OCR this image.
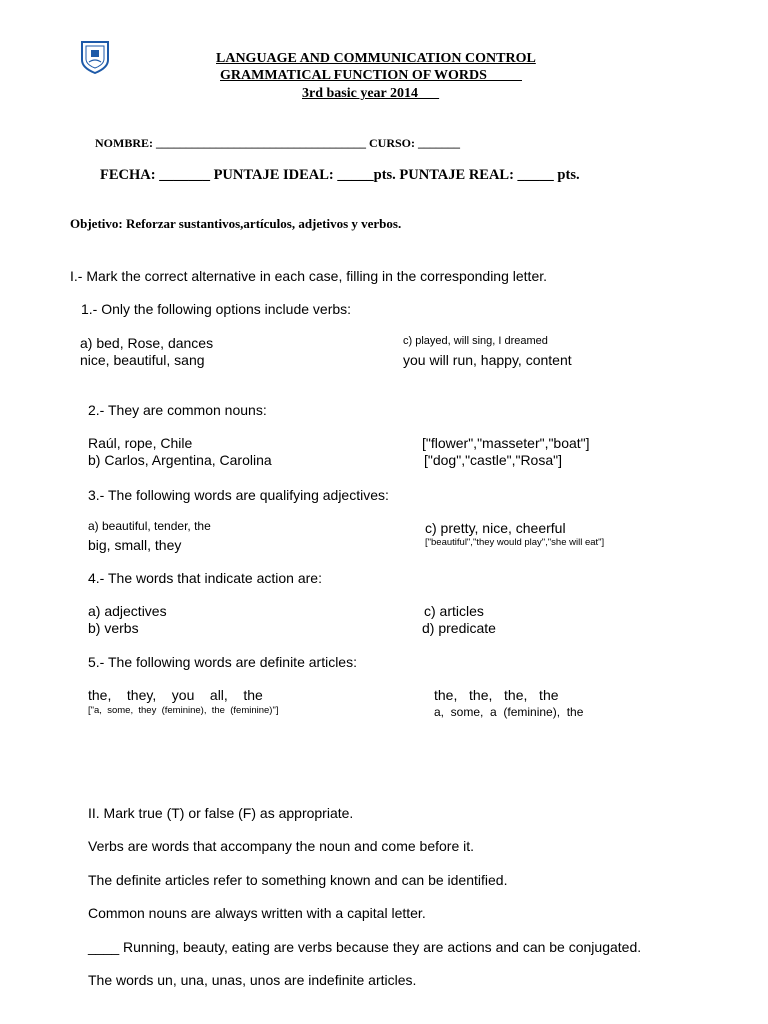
LANGUAGE AND COMMUNICATION CONTROL
GRAMMATICAL FUNCTION OF WORDS_____
3rd basic year 2014___
NOMBRE: ___________________________________ CURSO: _______
FECHA: _______ PUNTAJE IDEAL: _____pts. PUNTAJE REAL: _____ pts.
Objetivo: Reforzar sustantivos,artículos, adjetivos y verbos.
I.- Mark the correct alternative in each case, filling in the corresponding letter.
1.- Only the following options include verbs:
a) bed, Rose, dances
nice, beautiful, sang
c) played, will sing, I dreamed
you will run, happy, content
2.- They are common nouns:
Raúl, rope, Chile
b) Carlos, Argentina, Carolina
["flower","masseter","boat"]
["dog","castle","Rosa"]
3.- The following words are qualifying adjectives:
a) beautiful, tender, the
big, small, they
c) pretty, nice, cheerful
["beautiful","they would play","she will eat"]
4.- The words that indicate action are:
a) adjectives
b) verbs
c) articles
d) predicate
5.- The following words are definite articles:
the,    they,    you    all,    the
["a,  some,  they  (feminine),  the  (feminine)"]
the,   the,   the,   the
a,  some,  a  (feminine),  the
II. Mark true (T) or false (F) as appropriate.
Verbs are words that accompany the noun and come before it.
The definite articles refer to something known and can be identified.
Common nouns are always written with a capital letter.
____ Running, beauty, eating are verbs because they are actions and can be conjugated.
The words un, una, unas, unos are indefinite articles.
